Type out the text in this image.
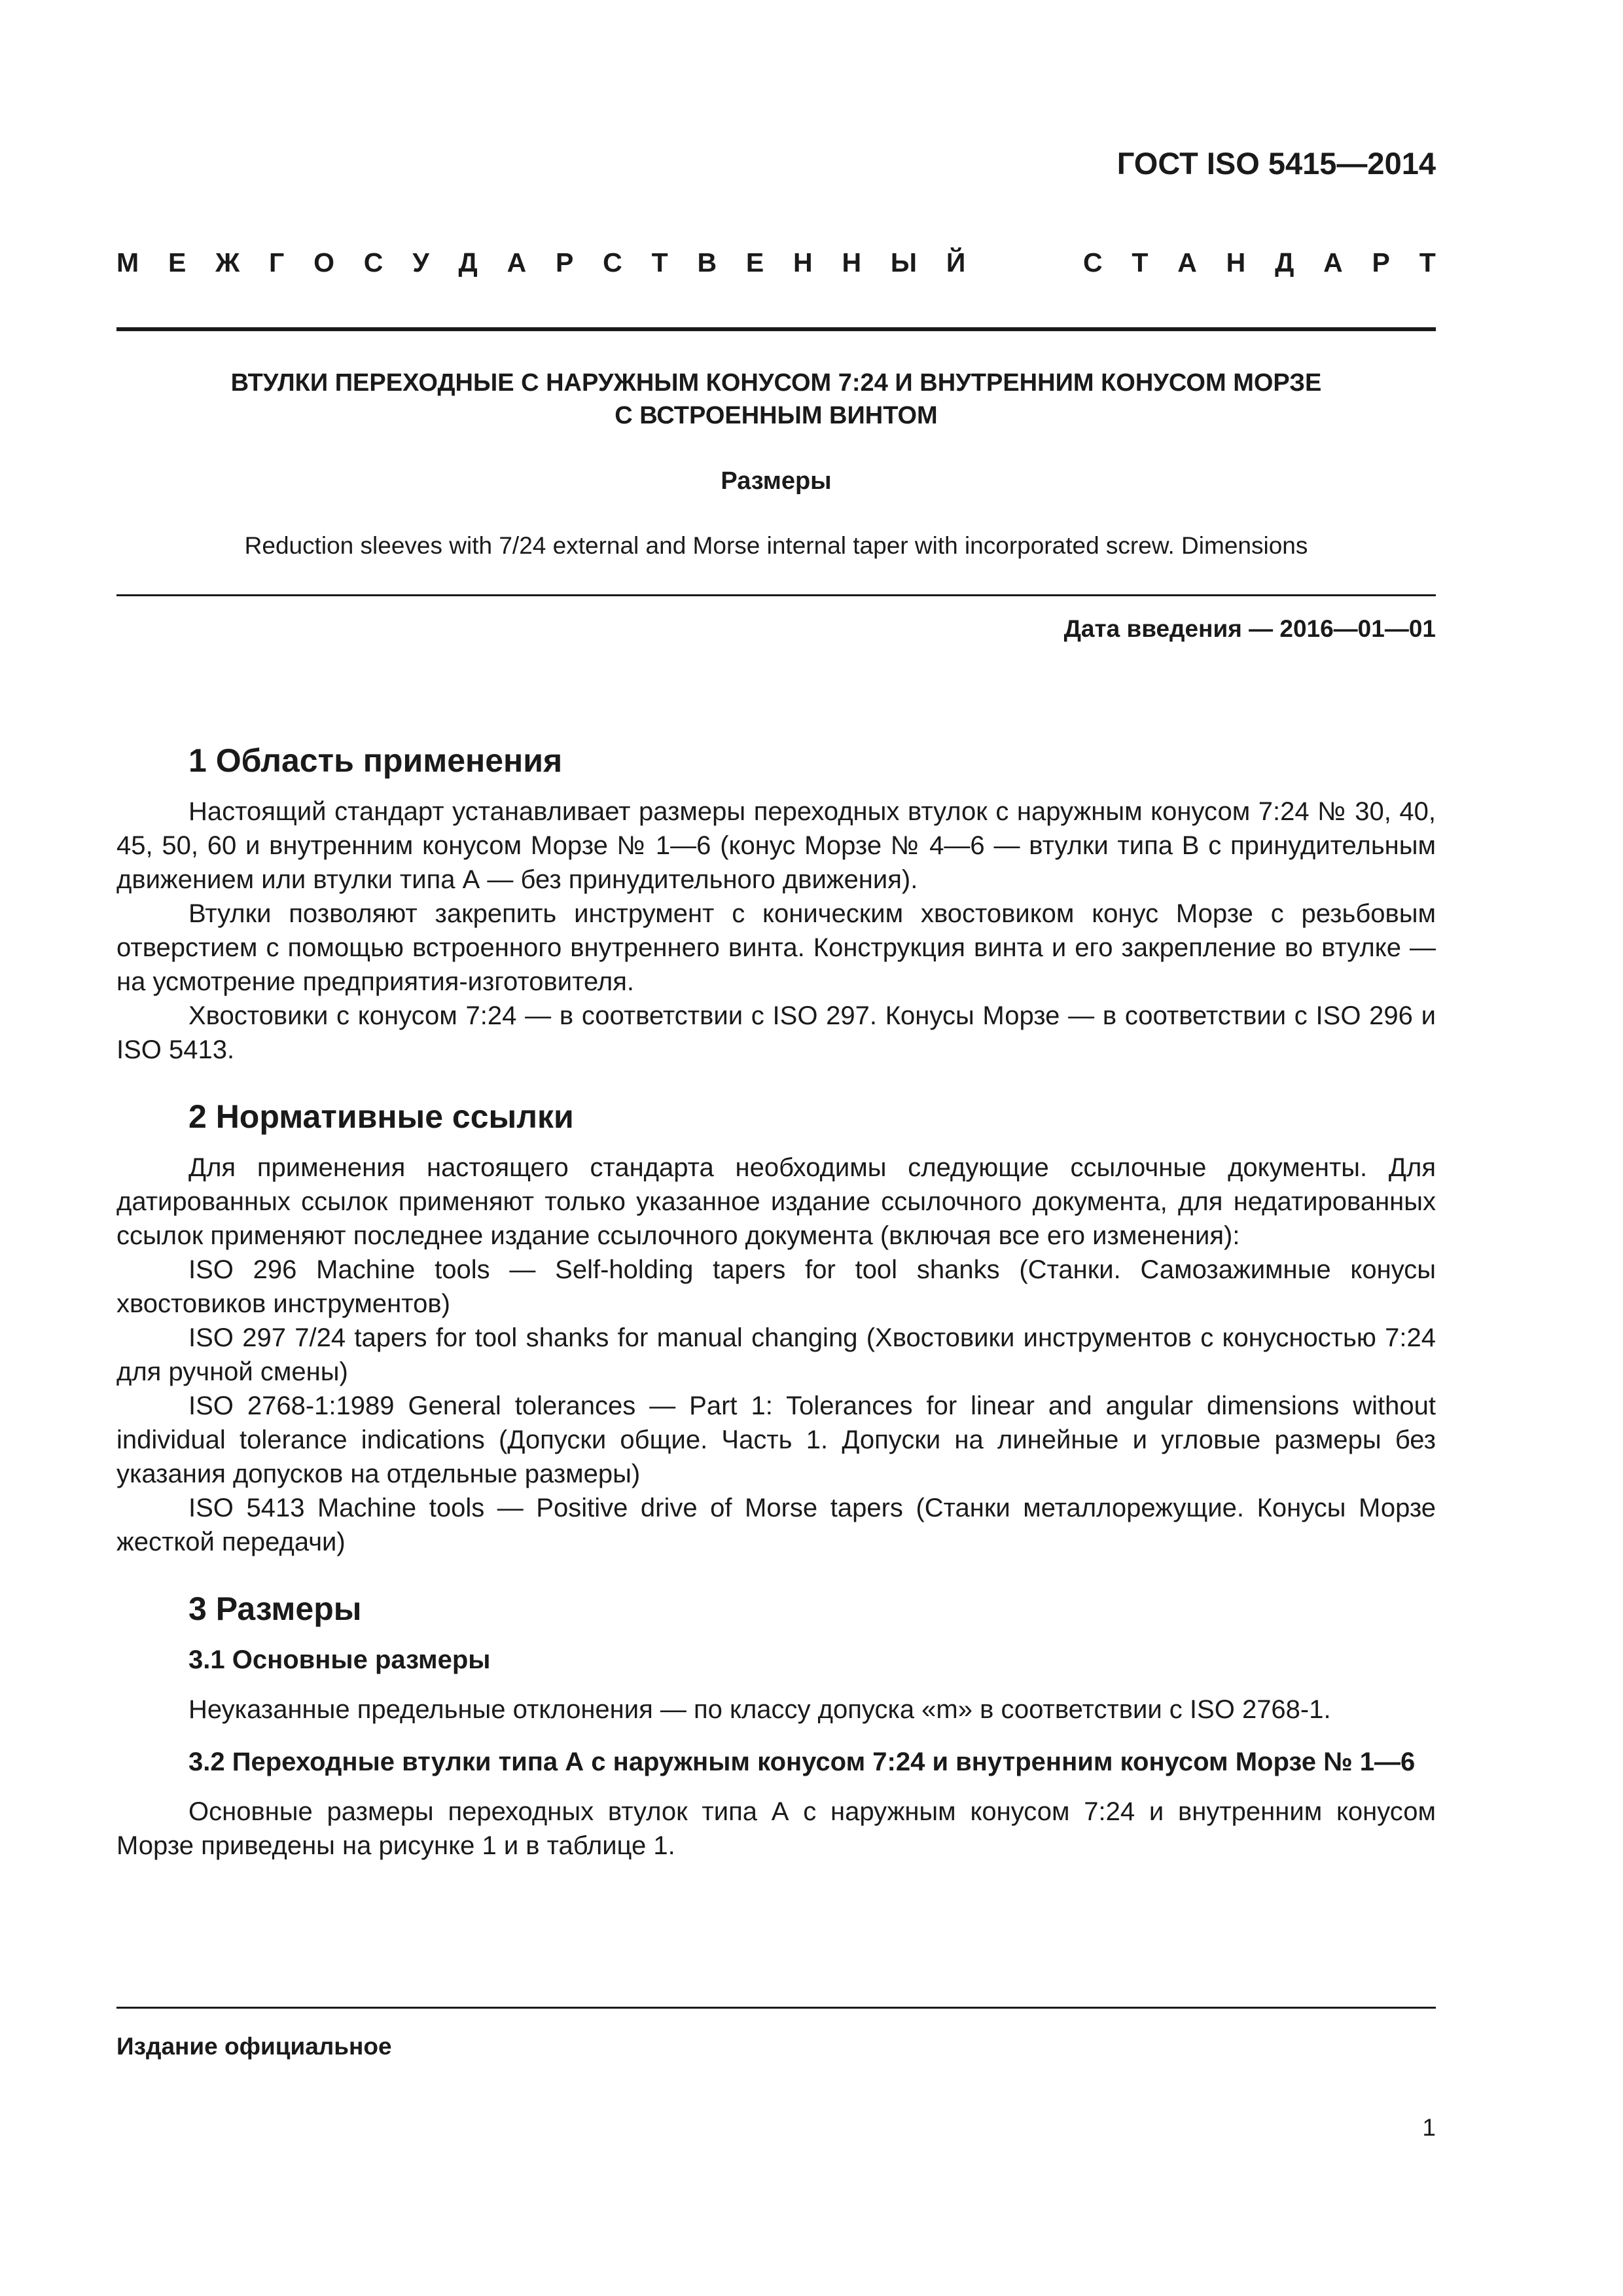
ГОСТ ISO 5415—2014
М Е Ж Г О С У Д А Р С Т В Е Н Н Ы Й	С Т А Н Д А Р Т
ВТУЛКИ ПЕРЕХОДНЫЕ С НАРУЖНЫМ КОНУСОМ 7:24 И ВНУТРЕННИМ КОНУСОМ МОРЗЕ
С ВСТРОЕННЫМ ВИНТОМ
Размеры
Reduction sleeves with 7/24 external and Morse internal taper with incorporated screw. Dimensions
Дата введения — 2016—01—01
1 Область применения

Настоящий стандарт устанавливает размеры переходных втулок с наружным конусом 7:24 № 30, 40, 45, 50, 60 и внутренним конусом Морзе № 1—6 (конус Морзе № 4—6 — втулки типа В с принудительным движением или втулки типа А — без принудительного движения).

Втулки позволяют закрепить инструмент с коническим хвостовиком конус Морзе с резьбовым отверстием с помощью встроенного внутреннего винта. Конструкция винта и его закрепление во втулке — на усмотрение предприятия-изготовителя.

Хвостовики с конусом 7:24 — в соответствии с ISO 297. Конусы Морзе — в соответствии с ISO 296 и ISO 5413.

2 Нормативные ссылки

Для применения настоящего стандарта необходимы следующие ссылочные документы. Для датированных ссылок применяют только указанное издание ссылочного документа, для недатированных ссылок применяют последнее издание ссылочного документа (включая все его изменения):

ISO 296 Machine tools — Self-holding tapers for tool shanks (Станки. Самозажимные конусы хвостовиков инструментов)

ISO 297 7/24 tapers for tool shanks for manual changing (Хвостовики инструментов с конусностью 7:24 для ручной смены)

ISO 2768-1:1989 General tolerances — Part 1: Tolerances for linear and angular dimensions without individual tolerance indications (Допуски общие. Часть 1. Допуски на линейные и угловые размеры без указания допусков на отдельные размеры)

ISO 5413 Machine tools — Positive drive of Morse tapers (Станки металлорежущие. Конусы Морзе жесткой передачи)

3 Размеры
3.1 Основные размеры

Неуказанные предельные отклонения — по классу допуска «m» в соответствии с ISO 2768-1.

3.2 Переходные втулки типа А с наружным конусом 7:24 и внутренним конусом Морзе № 1—6

Основные размеры переходных втулок типа А с наружным конусом 7:24 и внутренним конусом Морзе приведены на рисунке 1 и в таблице 1.

Издание официальное
1
